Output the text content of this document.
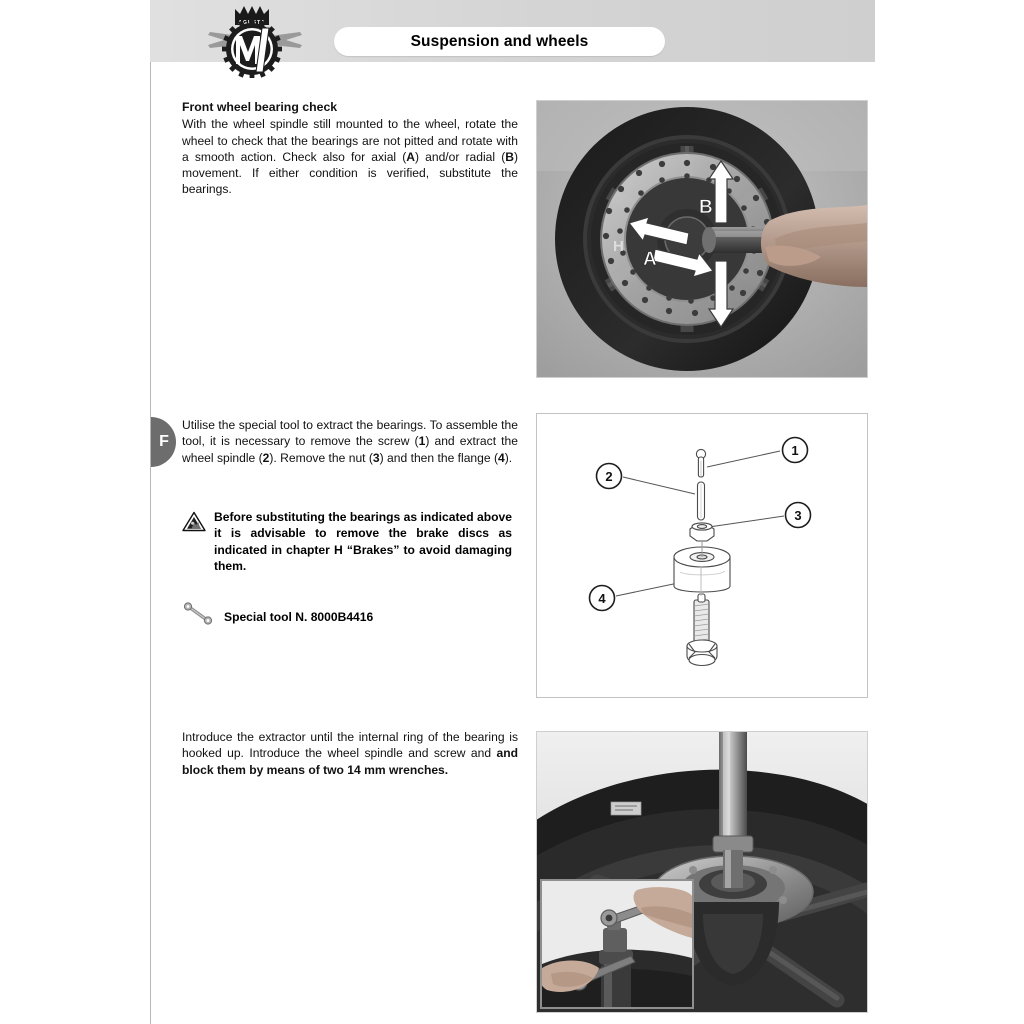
Suspension and wheels
F
Front wheel bearing check
With the wheel spindle still mounted to the wheel, rotate the wheel to check that the bearings are not pitted and rotate with a smooth action. Check also for axial (A) and/or radial (B) movement. If either condition is verified, substitute the bearings.
Utilise the special tool to extract the bearings. To assemble the tool, it is necessary to remove the screw (1) and extract the wheel spindle (2). Remove the nut (3) and then the flange (4).
Before substituting the bearings as indicated above it is advisable to remove the brake discs as indicated in chapter H “Brakes” to avoid damaging them.
Special tool N. 8000B4416
Introduce the extractor until the internal ring of the bearing is hooked up. Introduce the wheel spindle and screw and and block them by means of two 14 mm wrenches.
A
B
H
1
2
3
4
